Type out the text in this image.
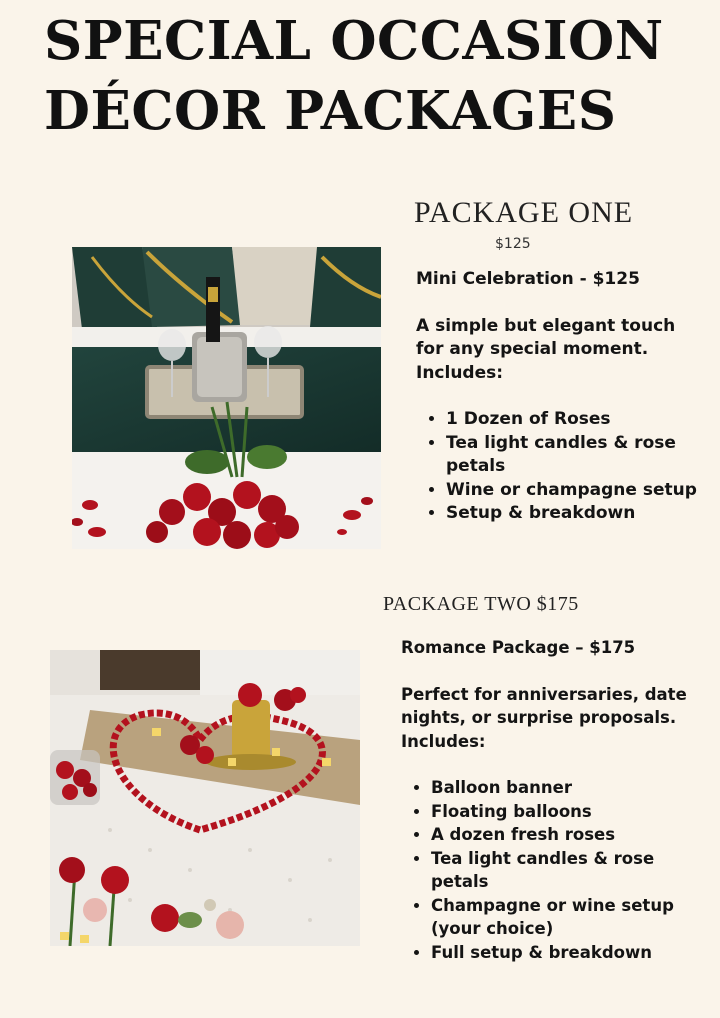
SPECIAL OCCASION
DÉCOR PACKAGES
PACKAGE ONE
$125

Mini Celebration - $125

A simple but elegant touch for any special moment.

Includes:

• 1 Dozen of Roses
• Tea light candles & rose petals
• Wine or champagne setup
• Setup & breakdown
PACKAGE TWO $175

Romance Package – $175

Perfect for anniversaries, date nights, or surprise proposals.

Includes:

• Balloon banner
• Floating balloons
• A dozen fresh roses
• Tea light candles & rose petals
• Champagne or wine setup (your choice)
• Full setup & breakdown
